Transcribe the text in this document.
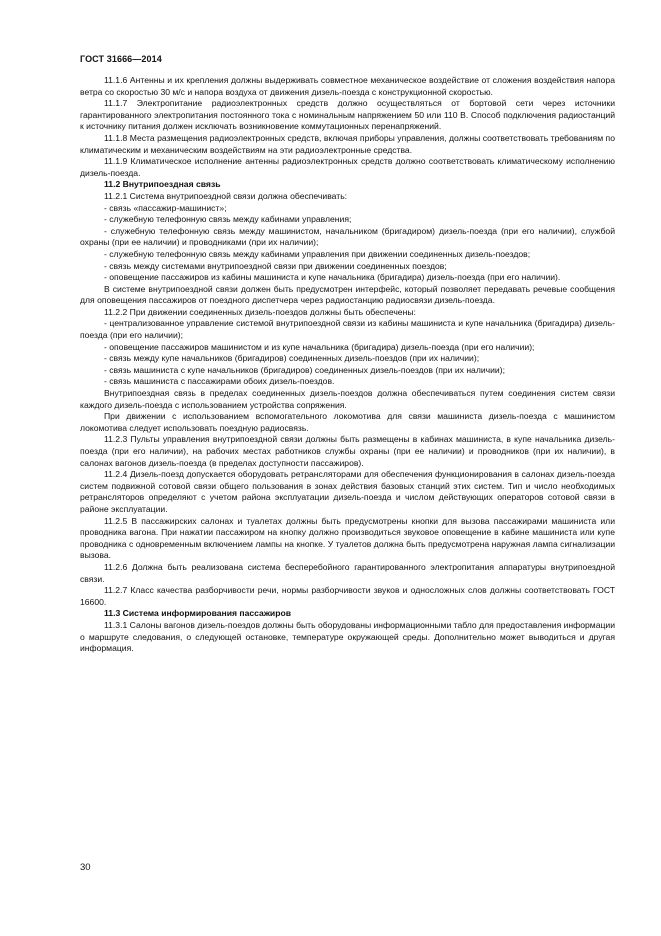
ГОСТ 31666—2014

11.1.6 Антенны и их крепления должны выдерживать совместное механическое воздействие от сложения воздействия напора ветра со скоростью 30 м/с и напора воздуха от движения дизель-поезда с конструкционной скоростью.

11.1.7 Электропитание радиоэлектронных средств должно осуществляться от бортовой сети через источники гарантированного электропитания постоянного тока с номинальным напряжением 50 или 110 В. Способ подключения радиостанций к источнику питания должен исключать возникновение коммутационных перенапряжений.

11.1.8 Места размещения радиоэлектронных средств, включая приборы управления, должны соответствовать требованиям по климатическим и механическим воздействиям на эти радиоэлектронные средства.

11.1.9 Климатическое исполнение антенны радиоэлектронных средств должно соответствовать климатическому исполнению дизель-поезда.

11.2 Внутрипоездная связь

11.2.1 Система внутрипоездной связи должна обеспечивать:

- связь «пассажир-машинист»;

- служебную телефонную связь между кабинами управления;

- служебную телефонную связь между машинистом, начальником (бригадиром) дизель-поезда (при его наличии), службой охраны (при ее наличии) и проводниками (при их наличии);

- служебную телефонную связь между кабинами управления при движении соединенных дизель-поездов;

- связь между системами внутрипоездной связи при движении соединенных поездов;

- оповещение пассажиров из кабины машиниста и купе начальника (бригадира) дизель-поезда (при его наличии).

В системе внутрипоездной связи должен быть предусмотрен интерфейс, который позволяет передавать речевые сообщения для оповещения пассажиров от поездного диспетчера через радиостанцию радиосвязи дизель-поезда.

11.2.2 При движении соединенных дизель-поездов должны быть обеспечены:

- централизованное управление системой внутрипоездной связи из кабины машиниста и купе начальника (бригадира) дизель-поезда (при его наличии);

- оповещение пассажиров машинистом и из купе начальника (бригадира) дизель-поезда (при его наличии);

- связь между купе начальников (бригадиров) соединенных дизель-поездов (при их наличии);

- связь машиниста с купе начальников (бригадиров) соединенных дизель-поездов (при их наличии);

- связь машиниста с пассажирами обоих дизель-поездов.

Внутрипоездная связь в пределах соединенных дизель-поездов должна обеспечиваться путем соединения систем связи каждого дизель-поезда с использованием устройства сопряжения.

При движении с использованием вспомогательного локомотива для связи машиниста дизель-поезда с машинистом локомотива следует использовать поездную радиосвязь.

11.2.3 Пульты управления внутрипоездной связи должны быть размещены в кабинах машиниста, в купе начальника дизель-поезда (при его наличии), на рабочих местах работников службы охраны (при ее наличии) и проводников (при их наличии), в салонах вагонов дизель-поезда (в пределах доступности пассажиров).

11.2.4 Дизель-поезд допускается оборудовать ретрансляторами для обеспечения функционирования в салонах дизель-поезда систем подвижной сотовой связи общего пользования в зонах действия базовых станций этих систем. Тип и число необходимых ретрансляторов определяют с учетом района эксплуатации дизель-поезда и числом действующих операторов сотовой связи в районе эксплуатации.

11.2.5 В пассажирских салонах и туалетах должны быть предусмотрены кнопки для вызова пассажирами машиниста или проводника вагона. При нажатии пассажиром на кнопку должно производиться звуковое оповещение в кабине машиниста или купе проводника с одновременным включением лампы на кнопке. У туалетов должна быть предусмотрена наружная лампа сигнализации вызова.

11.2.6 Должна быть реализована система бесперебойного гарантированного электропитания аппаратуры внутрипоездной связи.

11.2.7 Класс качества разборчивости речи, нормы разборчивости звуков и односложных слов должны соответствовать ГОСТ 16600.

11.3 Система информирования пассажиров

11.3.1 Салоны вагонов дизель-поездов должны быть оборудованы информационными табло для предоставления информации о маршруте следования, о следующей остановке, температуре окружающей среды. Дополнительно может выводиться и другая информация.

30
